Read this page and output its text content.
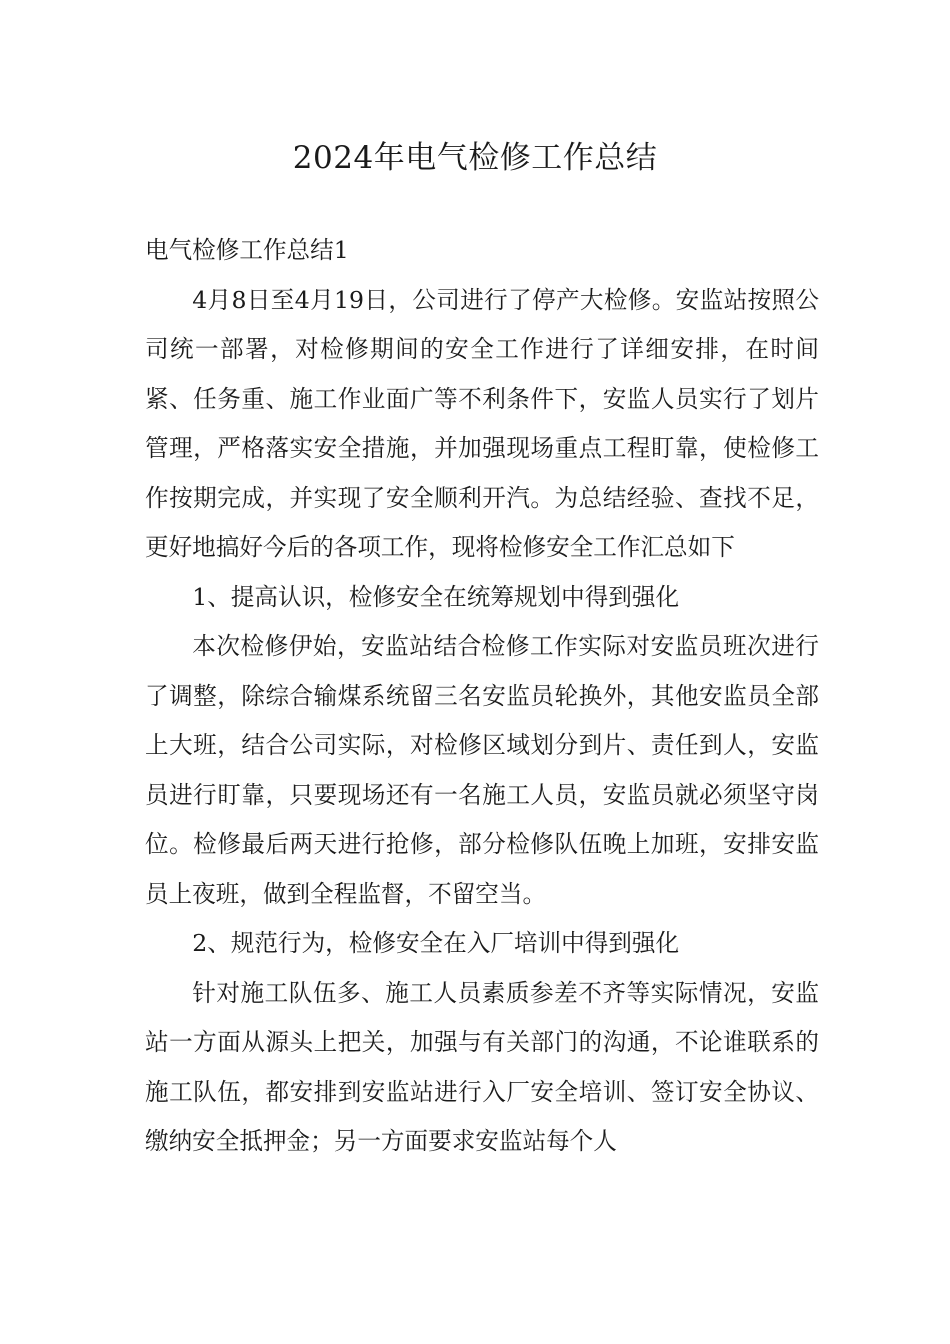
2024年电气检修工作总结

电气检修工作总结1

4月8日至4月19日，公司进行了停产大检修。安监站按照公司统一部署，对检修期间的安全工作进行了详细安排，在时间紧、任务重、施工作业面广等不利条件下，安监人员实行了划片管理，严格落实安全措施，并加强现场重点工程盯靠，使检修工作按期完成，并实现了安全顺利开汽。为总结经验、查找不足，更好地搞好今后的各项工作，现将检修安全工作汇总如下

1、提高认识，检修安全在统筹规划中得到强化

本次检修伊始，安监站结合检修工作实际对安监员班次进行了调整，除综合输煤系统留三名安监员轮换外，其他安监员全部上大班，结合公司实际，对检修区域划分到片、责任到人，安监员进行盯靠，只要现场还有一名施工人员，安监员就必须坚守岗位。检修最后两天进行抢修，部分检修队伍晚上加班，安排安监员上夜班，做到全程监督，不留空当。

2、规范行为，检修安全在入厂培训中得到强化

针对施工队伍多、施工人员素质参差不齐等实际情况，安监站一方面从源头上把关，加强与有关部门的沟通，不论谁联系的施工队伍，都安排到安监站进行入厂安全培训、签订安全协议、缴纳安全抵押金；另一方面要求安监站每个人
